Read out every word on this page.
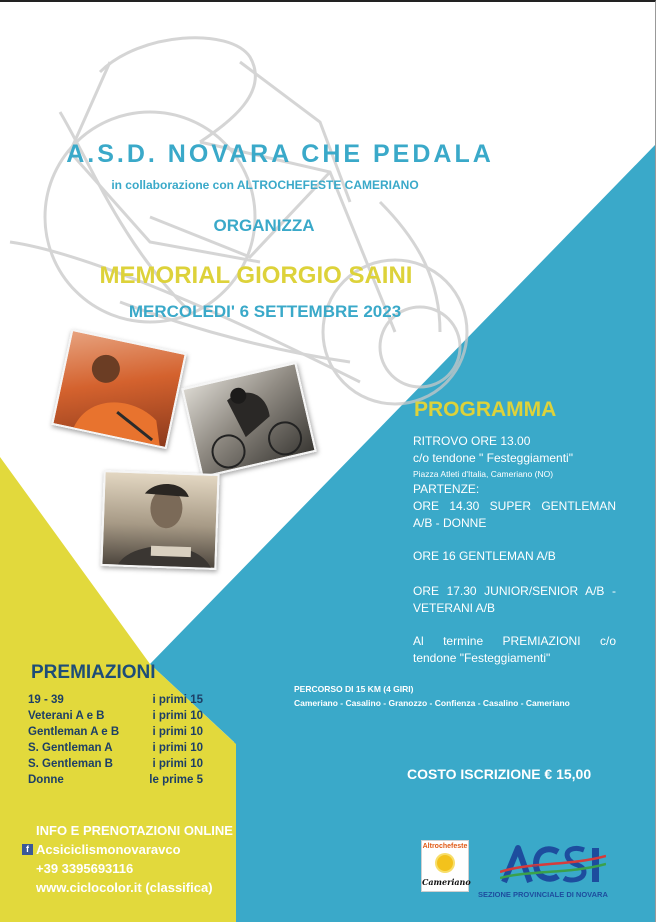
A.S.D. NOVARA CHE PEDALA
in collaborazione con ALTROCHEFESTE CAMERIANO
ORGANIZZA
MEMORIAL GIORGIO SAINI
MERCOLEDI' 6 SETTEMBRE 2023
PROGRAMMA
RITROVO ORE 13.00
c/o tendone " Festeggiamenti"
Piazza Atleti d'Italia, Cameriano (NO)
PARTENZE:
ORE 14.30 SUPER GENTLEMAN
A/B - DONNE
ORE 16 GENTLEMAN A/B
ORE 17.30 JUNIOR/SENIOR A/B -
VETERANI A/B
Al termine PREMIAZIONI c/o
tendone "Festeggiamenti"
PERCORSO DI 15 KM (4 GIRI)
Cameriano - Casalino - Granozzo - Confienza - Casalino - Cameriano
COSTO ISCRIZIONE € 15,00
PREMIAZIONI
19 - 39	i primi 15
Veterani A e B	i primi 10
Gentleman A e B	i primi 10
S. Gentleman A	i primi 10
S. Gentleman B	i primi 10
Donne	le prime 5
INFO E PRENOTAZIONI ONLINE
f Acsiciclismonovaravco
+39 3395693116
www.ciclocolor.it (classifica)
Altrochefeste
Cameriano
ACSI
SEZIONE PROVINCIALE DI NOVARA
